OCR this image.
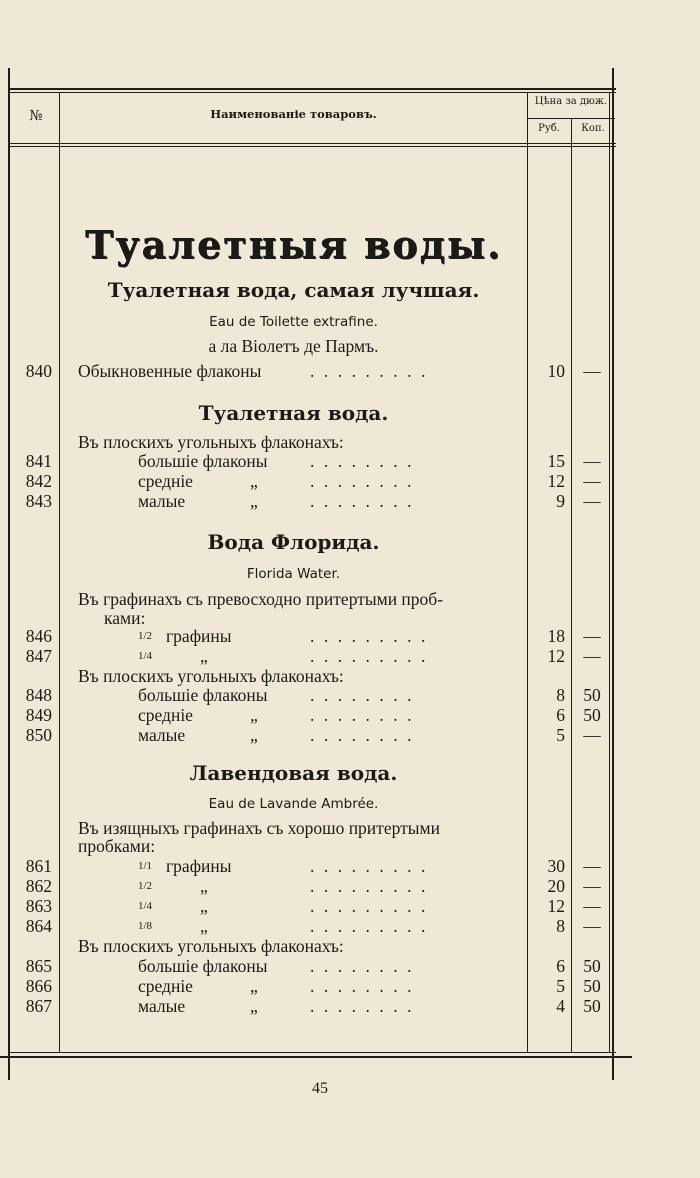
№	Наименованіе товаровъ.
Цѣна за дюж.
Руб.	Коп.
Туалетныя воды.
Туалетная вода, самая лучшая.
Eau de Toilette extrafine.
а ла Віолетъ де Пармъ.
840 Обыкновенные флаконы	.........	10	—
Туалетная вода.
Въ плоскихъ угольныхъ флаконахъ:
841	большіе флаконы ........	15	—
842	среднiе	„	........	12	—
843	малые	„	........	9	—
Вода Флорида.
Florida Water.
Въ графинахъ съ превосходно притертыми проб-
ками:
846	$^{1/2}$ графины	.........	18	—
847	$^{1/4}$	„	.........	12	—
Въ плоскихъ угольныхъ флаконахъ:
848	большіе флаконы ........	8	50
849	средніе	„	........	6	50
850	малые	„	........	5	—
Лавендовая вода.
Eau de Lavande Ambrée.
Въ изящныхъ графинахъ съ хорошо притертыми
пробками:
861	$^{1/1}$ графины	.........	30	—
862	$^{1/2}$	„	.........	20	—
863	$^{1/4}$	„	.........	12	—
864	$^{1/8}$	„	.........	8	—
Въ плоскихъ угольныхъ флаконахъ:
865	большіе флаконы ........	6	50
866	средніе	„	........	5	50
867	малые	„	........	4	50
45
